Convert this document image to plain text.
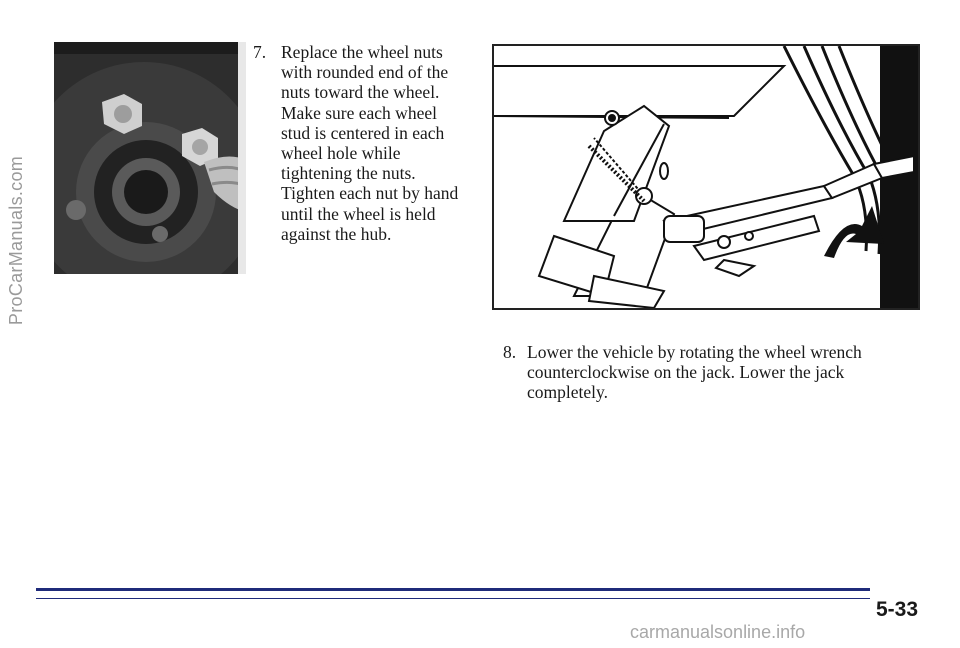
ProCarManuals.com
7. Replace the wheel nuts with rounded end of the nuts toward the wheel. Make sure each wheel stud is centered in each wheel hole while tightening the nuts. Tighten each nut by hand until the wheel is held against the hub.
8. Lower the vehicle by rotating the wheel wrench counterclockwise on the jack. Lower the jack completely.
5-33
carmanualsonline.info
